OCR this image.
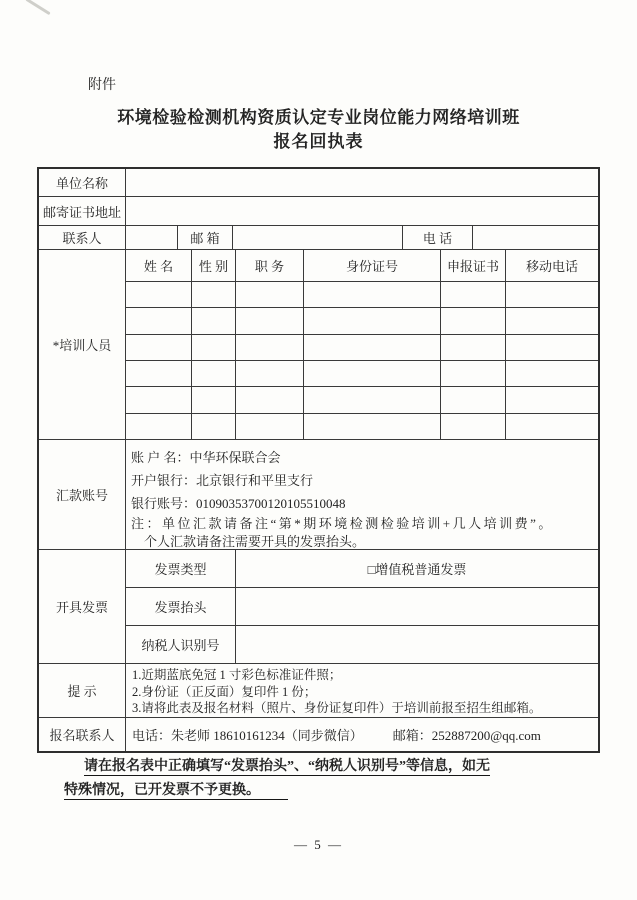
附件
环境检验检测机构资质认定专业岗位能力网络培训班
报名回执表
单位名称
邮寄证书地址
联系人	邮 箱	电 话
*培训人员
姓 名	性 别	职 务	身份证号	申报证书	移动电话
汇款账号
账 户 名：中华环保联合会
开户银行：北京银行和平里支行
银行账号：01090353700120105510048
注：单位汇款请备注“第*期环境检测检验培训+几人培训费”。
个人汇款请备注需要开具的发票抬头。
开具发票
发票类型	□增值税普通发票
发票抬头
纳税人识别号
提 示
1.近期蓝底免冠 1 寸彩色标准证件照；
2.身份证（正反面）复印件 1 份；
3.请将此表及报名材料（照片、身份证复印件）于培训前报至招生组邮箱。
报名联系人	电话：朱老师 18610161234（同步微信） 邮箱：252887200@qq.com
请在报名表中正确填写“发票抬头”、“纳税人识别号”等信息，如无
特殊情况，已开发票不予更换。
— 5 —
